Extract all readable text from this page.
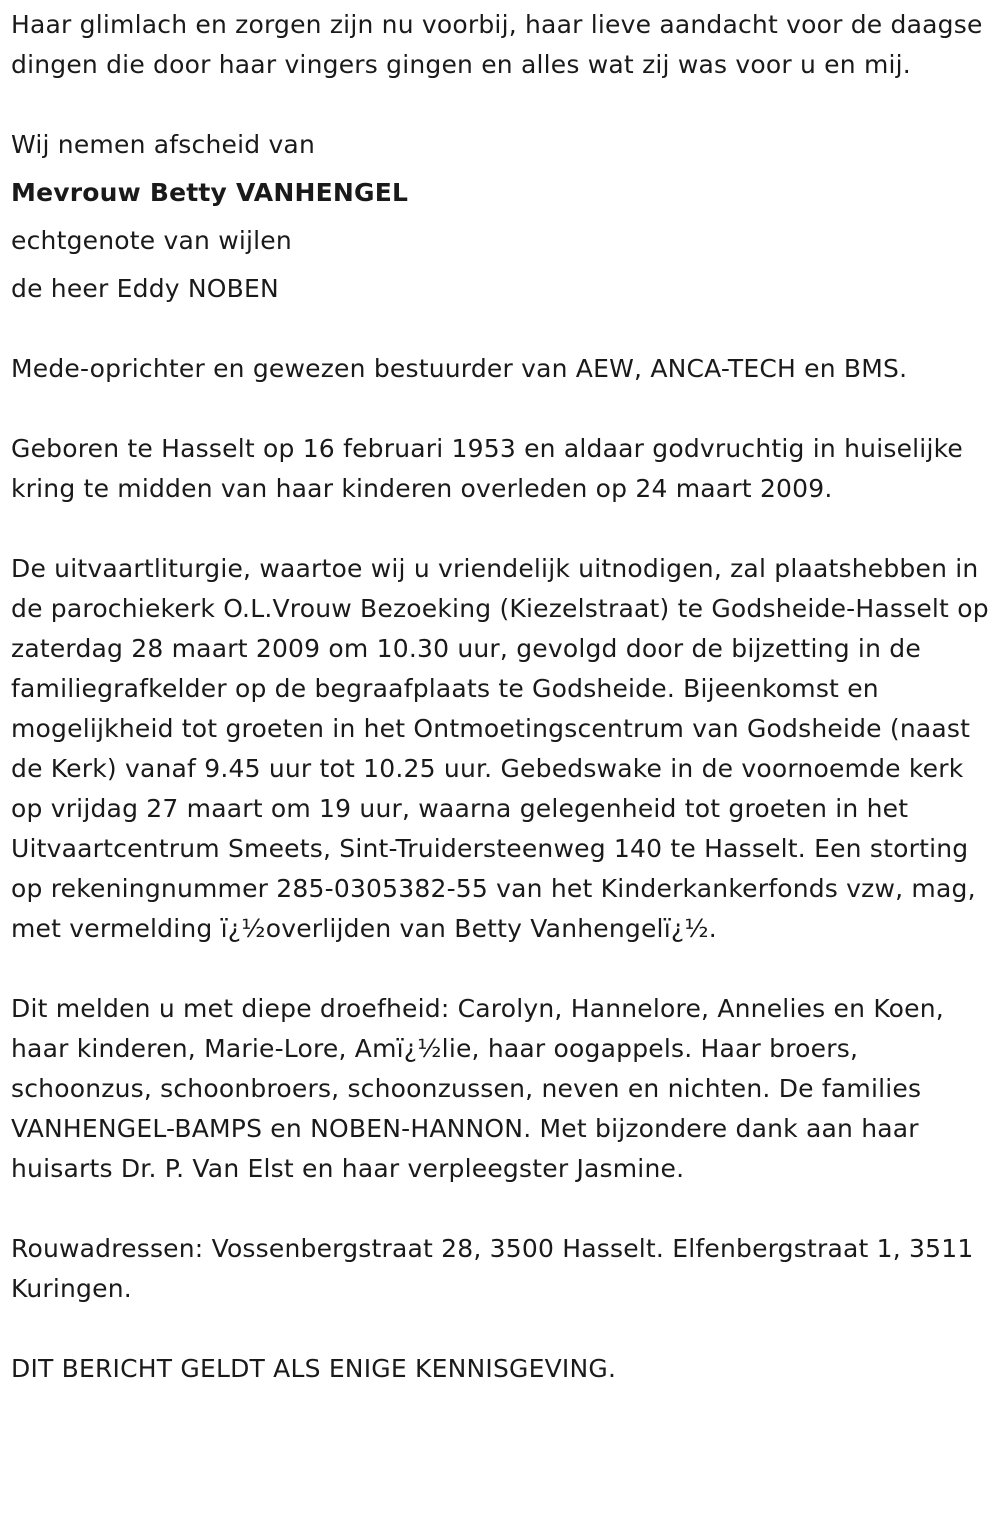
Haar glimlach en zorgen zijn nu voorbij, haar lieve aandacht voor de daagse dingen die door haar vingers gingen en alles wat zij was voor u en mij.

Wij nemen afscheid van

Mevrouw Betty VANHENGEL

echtgenote van wijlen

de heer Eddy NOBEN

Mede-oprichter en gewezen bestuurder van AEW, ANCA-TECH en BMS.

Geboren te Hasselt op 16 februari 1953 en aldaar godvruchtig in huiselijke kring te midden van haar kinderen overleden op 24 maart 2009.

De uitvaartliturgie, waartoe wij u vriendelijk uitnodigen, zal plaatshebben in de parochiekerk O.L.Vrouw Bezoeking (Kiezelstraat) te Godsheide-Hasselt op zaterdag 28 maart 2009 om 10.30 uur, gevolgd door de bijzetting in de familiegrafkelder op de begraafplaats te Godsheide. Bijeenkomst en mogelijkheid tot groeten in het Ontmoetingscentrum van Godsheide (naast de Kerk) vanaf 9.45 uur tot 10.25 uur. Gebedswake in de voornoemde kerk op vrijdag 27 maart om 19 uur, waarna gelegenheid tot groeten in het Uitvaartcentrum Smeets, Sint-Truidersteenweg 140 te Hasselt. Een storting op rekeningnummer 285-0305382-55 van het Kinderkankerfonds vzw, mag, met vermelding ï¿½overlijden van Betty Vanhengelï¿½.

Dit melden u met diepe droefheid: Carolyn, Hannelore, Annelies en Koen, haar kinderen, Marie-Lore, Amï¿½lie, haar oogappels. Haar broers, schoonzus, schoonbroers, schoonzussen, neven en nichten. De families VANHENGEL-BAMPS en NOBEN-HANNON. Met bijzondere dank aan haar huisarts Dr. P. Van Elst en haar verpleegster Jasmine.

Rouwadressen: Vossenbergstraat 28, 3500 Hasselt. Elfenbergstraat 1, 3511 Kuringen.

DIT BERICHT GELDT ALS ENIGE KENNISGEVING.
